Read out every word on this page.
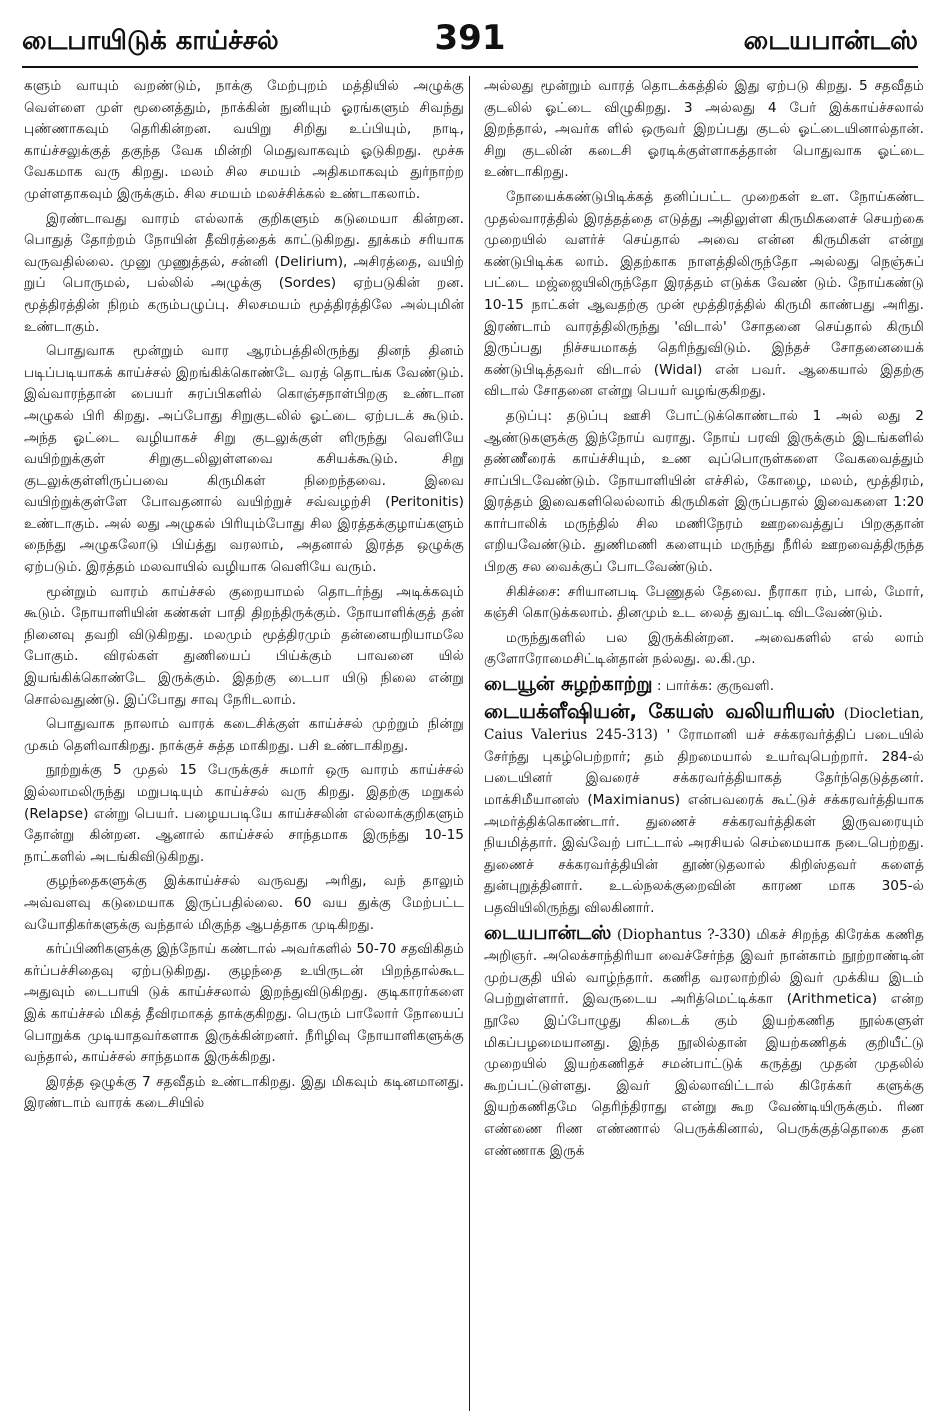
டைபாயிடுக் காய்ச்சல்	391	டையபான்டஸ்

களும் வாயும் வறண்டும், நாக்கு மேற்புறம் மத்தியில் அழுக்கு வெள்ளை முள் மூனைத்தும், நாக்கின் நுனியும் ஓரங்களும் சிவந்து புண்ணாகவும் தெரிகின்றன. வயிறு சிறிது உப்பியும், நாடி, காய்ச்சலுக்குத் தகுந்த வேக மின்றி மெதுவாகவும் ஓடுகிறது. மூச்சு வேகமாக வரு கிறது. மலம் சில சமயம் அதிகமாகவும் துர்நாற்ற முள்ளதாகவும் இருக்கும். சில சமயம் மலச்சிக்கல் உண்டாகலாம்.

இரண்டாவது வாரம் எல்லாக் குறிகளும் கடுமையா கின்றன. பொதுத் தோற்றம் நோயின் தீவிரத்தைக் காட்டுகிறது. தூக்கம் சரியாக வருவதில்லை. முனு முணுத்தல், சன்னி (Delirium), அசிரத்தை, வயிற் றுப் பொருமல், பல்லில் அழுக்கு (Sordes) ஏற்படுகின் றன. மூத்திரத்தின் நிறம் கரும்பழுப்பு. சிலசமயம் மூத்திரத்திலே அல்புமின் உண்டாகும்.

பொதுவாக மூன்றும் வார ஆரம்பத்திலிருந்து தினந் தினம் படிப்படியாகக் காய்ச்சல் இறங்கிக்கொண்டே வரத் தொடங்க வேண்டும். இவ்வாரந்தான் பையர் சுரப்பிகளில் கொஞ்சநாள்பிறகு உண்டான அழுகல் பிரி கிறது. அப்போது சிறுகுடலில் ஓட்டை ஏற்படக் கூடும். அந்த ஓட்டை வழியாகச் சிறு குடலுக்குள் ளிருந்து வெளியே வயிற்றுக்குள் சிறுகுடலிலுள்ளவை கசியக்கூடும். சிறு குடலுக்குள்ளிருப்பவை கிருமிகள் நிறைந்தவை. இவை வயிற்றுக்குள்ளே போவதனால் வயிற்றுச் சவ்வழற்சி (Peritonitis) உண்டாகும். அல் லது அழுகல் பிரியும்போது சில இரத்தக்குழாய்களும் நைந்து அழுகலோடு பிய்த்து வரலாம், அதனால் இரத்த ஒழுக்கு ஏற்படும். இரத்தம் மலவாயில் வழியாக வெளியே வரும்.

மூன்றும் வாரம் காய்ச்சல் குறையாமல் தொடர்ந்து அடிக்கவும் கூடும். நோயாளியின் கண்கள் பாதி திறந்திருக்கும். நோயாளிக்குத் தன் நினைவு தவறி விடுகிறது. மலமும் மூத்திரமும் தன்னையறியாமலே போகும். விரல்கள் துணியைப் பிய்க்கும் பாவனை யில் இயங்கிக்கொண்டே இருக்கும். இதற்கு டைபா யிடு நிலை என்று சொல்வதுண்டு. இப்போது சாவு நேரிடலாம்.

பொதுவாக நாலாம் வாரக் கடைசிக்குள் காய்ச்சல் முற்றும் நின்று முகம் தெளிவாகிறது. நாக்குச் சுத்த மாகிறது. பசி உண்டாகிறது.

நூற்றுக்கு 5 முதல் 15 பேருக்குச் சுமார் ஒரு வாரம் காய்ச்சல் இல்லாமலிருந்து மறுபடியும் காய்ச்சல் வரு கிறது. இதற்கு மறுகல் (Relapse) என்று பெயர். பழையபடியே காய்ச்சலின் எல்லாக்குறிகளும் தோன்று கின்றன. ஆனால் காய்ச்சல் சாந்தமாக இருந்து 10-15 நாட்களில் அடங்கிவிடுகிறது.

குழந்தைகளுக்கு இக்காய்ச்சல் வருவது அரிது, வந் தாலும் அவ்வளவு கடுமையாக இருப்பதில்லை. 60 வய துக்கு மேற்பட்ட வயோதிகர்களுக்கு வந்தால் மிகுந்த ஆபத்தாக முடிகிறது.

கர்ப்பிணிகளுக்கு இந்நோய் கண்டால் அவர்களில் 50-70 சதவிகிதம் கர்ப்பச்சிதைவு ஏற்படுகிறது. குழந்தை உயிருடன் பிறந்தால்கூட அதுவும் டைபாயி டுக் காய்ச்சலால் இறந்துவிடுகிறது. குடிகாரர்களை இக் காய்ச்சல் மிகத் தீவிரமாகத் தாக்குகிறது. பெரும் பாலோர் நோயைப் பொறுக்க முடியாதவர்களாக இருக்கின்றனர். நீரிழிவு நோயாளிகளுக்கு வந்தால், காய்ச்சல் சாந்தமாக இருக்கிறது.

இரத்த ஒழுக்கு 7 சதவீதம் உண்டாகிறது. இது மிகவும் கடினமானது. இரண்டாம் வாரக் கடைசியில்

அல்லது மூன்றும் வாரத் தொடக்கத்தில் இது ஏற்படு கிறது. 5 சதவீதம் குடலில் ஓட்டை விழுகிறது. 3 அல்லது 4 பேர் இக்காய்ச்சலால் இறந்தால், அவர்க ளில் ஒருவர் இறப்பது குடல் ஓட்டையினால்தான். சிறு குடலின் கடைசி ஓரடிக்குள்ளாகத்தான் பொதுவாக ஓட்டை உண்டாகிறது.

நோயைக்கண்டுபிடிக்கத் தனிப்பட்ட முறைகள் உள. நோய்கண்ட முதல்வாரத்தில் இரத்தத்தை எடுத்து அதிலுள்ள கிருமிகளைச் செயற்கை முறையில் வளர்ச் செய்தால் அவை என்ன கிருமிகள் என்று கண்டுபிடிக்க லாம். இதற்காக நாளத்திலிருந்தோ அல்லது நெஞ்சுப் பட்டை மஜ்ஜையிலிருந்தோ இரத்தம் எடுக்க வேண் டும். நோய்கண்டு 10-15 நாட்கள் ஆவதற்கு முன் மூத்திரத்தில் கிருமி காண்பது அரிது. இரண்டாம் வாரத்திலிருந்து 'விடால்' சோதனை செய்தால் கிருமி இருப்பது நிச்சயமாகத் தெரிந்துவிடும். இந்தச் சோதனையைக் கண்டுபிடித்தவர் விடால் (Widal) என் பவர். ஆகையால் இதற்கு விடால் சோதனை என்று பெயர் வழங்குகிறது.

தடுப்பு: தடுப்பு ஊசி போட்டுக்கொண்டால் 1 அல் லது 2 ஆண்டுகளுக்கு இந்நோய் வராது. நோய் பரவி இருக்கும் இடங்களில் தண்ணீரைக் காய்ச்சியும், உண வுப்பொருள்களை வேகவைத்தும் சாப்பிடவேண்டும். நோயாளியின் எச்சில், கோழை, மலம், மூத்திரம், இரத்தம் இவைகளிலெல்லாம் கிருமிகள் இருப்பதால் இவைகளை 1:20 கார்பாலிக் மருந்தில் சில மணிநேரம் ஊறவைத்துப் பிறகுதான் எறியவேண்டும். துணிமணி களையும் மருந்து நீரில் ஊறவைத்திருந்த பிறகு சல வைக்குப் போடவேண்டும்.

சிகிச்சை: சரியானபடி பேணுதல் தேவை. நீராகா ரம், பால், மோர், கஞ்சி கொடுக்கலாம். தினமும் உட லைத் துவட்டி விடவேண்டும்.

மருந்துகளில் பல இருக்கின்றன. அவைகளில் எல் லாம் குளோரோமைசிட்டின்தான் நல்லது. ல.கி.மு.

டையூன் சுழற்காற்று : பார்க்க: குருவளி.

டையக்ளீஷியன், கேயஸ் வலியரியஸ் (Diocletian, Caius Valerius 245-313) ' ரோமானி யச் சக்கரவர்த்திப் படையில் சேர்ந்து புகழ்பெற்றார்; தம் திறமையால் உயர்வுபெற்றார். 284-ல் படையினர் இவரைச் சக்கரவர்த்தியாகத் தேர்ந்தெடுத்தனர். மாக்சிமீயானஸ் (Maximianus) என்பவரைக் கூட்டுச் சக்கரவர்த்தியாக அமர்த்திக்கொண்டார். துணைச் சக்கரவர்த்திகள் இருவரையும் நியமித்தார். இவ்வேற் பாட்டால் அரசியல் செம்மையாக நடைபெற்றது. துணைச் சக்கரவர்த்தியின் தூண்டுதலால் கிறிஸ்தவர் களைத் துன்புறுத்தினார். உடல்நலக்குறைவின் காரண மாக 305-ல் பதவியிலிருந்து விலகினார்.

டையபான்டஸ் (Diophantus ?-330) மிகச் சிறந்த கிரேக்க கணித அறிஞர். அலெக்சாந்திரியா வைச்சேர்ந்த இவர் நான்காம் நூற்றாண்டின் முற்பகுதி யில் வாழ்ந்தார். கணித வரலாற்றில் இவர் முக்கிய இடம் பெற்றுள்ளார். இவருடைய அரித்மெட்டிக்கா (Arithmetica) என்ற நூலே இப்போழுது கிடைக் கும் இயற்கணித நூல்களுள் மிகப்பழமையானது. இந்த நூலில்தான் இயற்கணிதக் குறியீட்டு முறையில் இயற்கணிதச் சமன்பாட்டுக் கருத்து முதன் முதலில் கூறப்பட்டுள்ளது. இவர் இல்லாவிட்டால் கிரேக்கர் களுக்கு இயற்கணிதமே தெரிந்திராது என்று கூற வேண்டியிருக்கும். ரிண எண்ணை ரிண எண்ணால் பெருக்கினால், பெருக்குத்தொகை தன எண்ணாக இருக்
